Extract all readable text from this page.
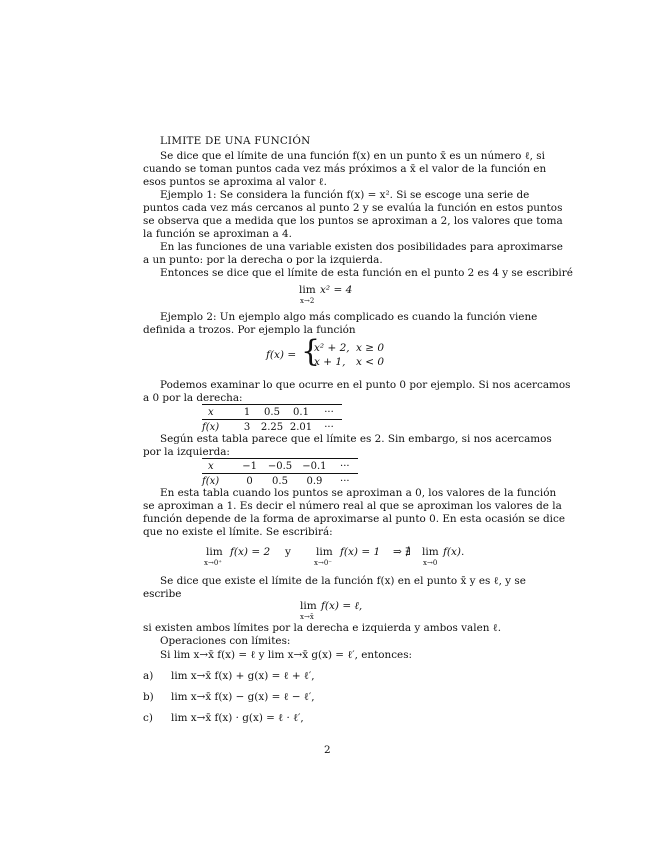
LIMITE DE UNA FUNCIÓN
Se dice que el límite de una función f(x) en un punto x̄ es un número ℓ, si
cuando se toman puntos cada vez más próximos a x̄ el valor de la función en
esos puntos se aproxima al valor ℓ.
Ejemplo 1: Se considera la función f(x) = x². Si se escoge una serie de
puntos cada vez más cercanos al punto 2 y se evalúa la función en estos puntos
se observa que a medida que los puntos se aproximan a 2, los valores que toma
la función se aproximan a 4.
En las funciones de una variable existen dos posibilidades para aproximarse
a un punto: por la derecha o por la izquierda.
Entonces se dice que el límite de esta función en el punto 2 es 4 y se escribiré
lim
x→2
x² = 4
Ejemplo 2: Un ejemplo algo más complicado es cuando la función viene
definida a trozos. Por ejemplo la función
f(x) = {
x² + 2, x ≥ 0
x + 1, x < 0
Podemos examinar lo que ocurre en el punto 0 por ejemplo. Si nos acercamos
a 0 por la derecha:
x	1	0.5	0.1	···
f(x)	3	2.25	2.01	···
Según esta tabla parece que el límite es 2. Sin embargo, si nos acercamos
por la izquierda:
x	−1	−0.5	−0.1	···
f(x)	0	0.5	0.9	···
En esta tabla cuando los puntos se aproximan a 0, los valores de la función
se aproximan a 1. Es decir el número real al que se aproximan los valores de la
función depende de la forma de aproximarse al punto 0. En esta ocasión se dice
que no existe el límite. Se escribirá:
lim
x→0⁺
f(x) = 2 y lim
x→0⁻
f(x) = 1 ⇒ ∄ lim
x→0
f(x).
Se dice que existe el límite de la función f(x) en el punto x̄ y es ℓ, y se
escribe
lim
x→x̄
f(x) = ℓ,
si existen ambos límites por la derecha e izquierda y ambos valen ℓ.
Operaciones con límites:
Si lim x→x̄ f(x) = ℓ y lim x→x̄ g(x) = ℓ′, entonces:
a) lim x→x̄ f(x) + g(x) = ℓ + ℓ′,
b) lim x→x̄ f(x) − g(x) = ℓ − ℓ′,
c) lim x→x̄ f(x) · g(x) = ℓ · ℓ′,
2
